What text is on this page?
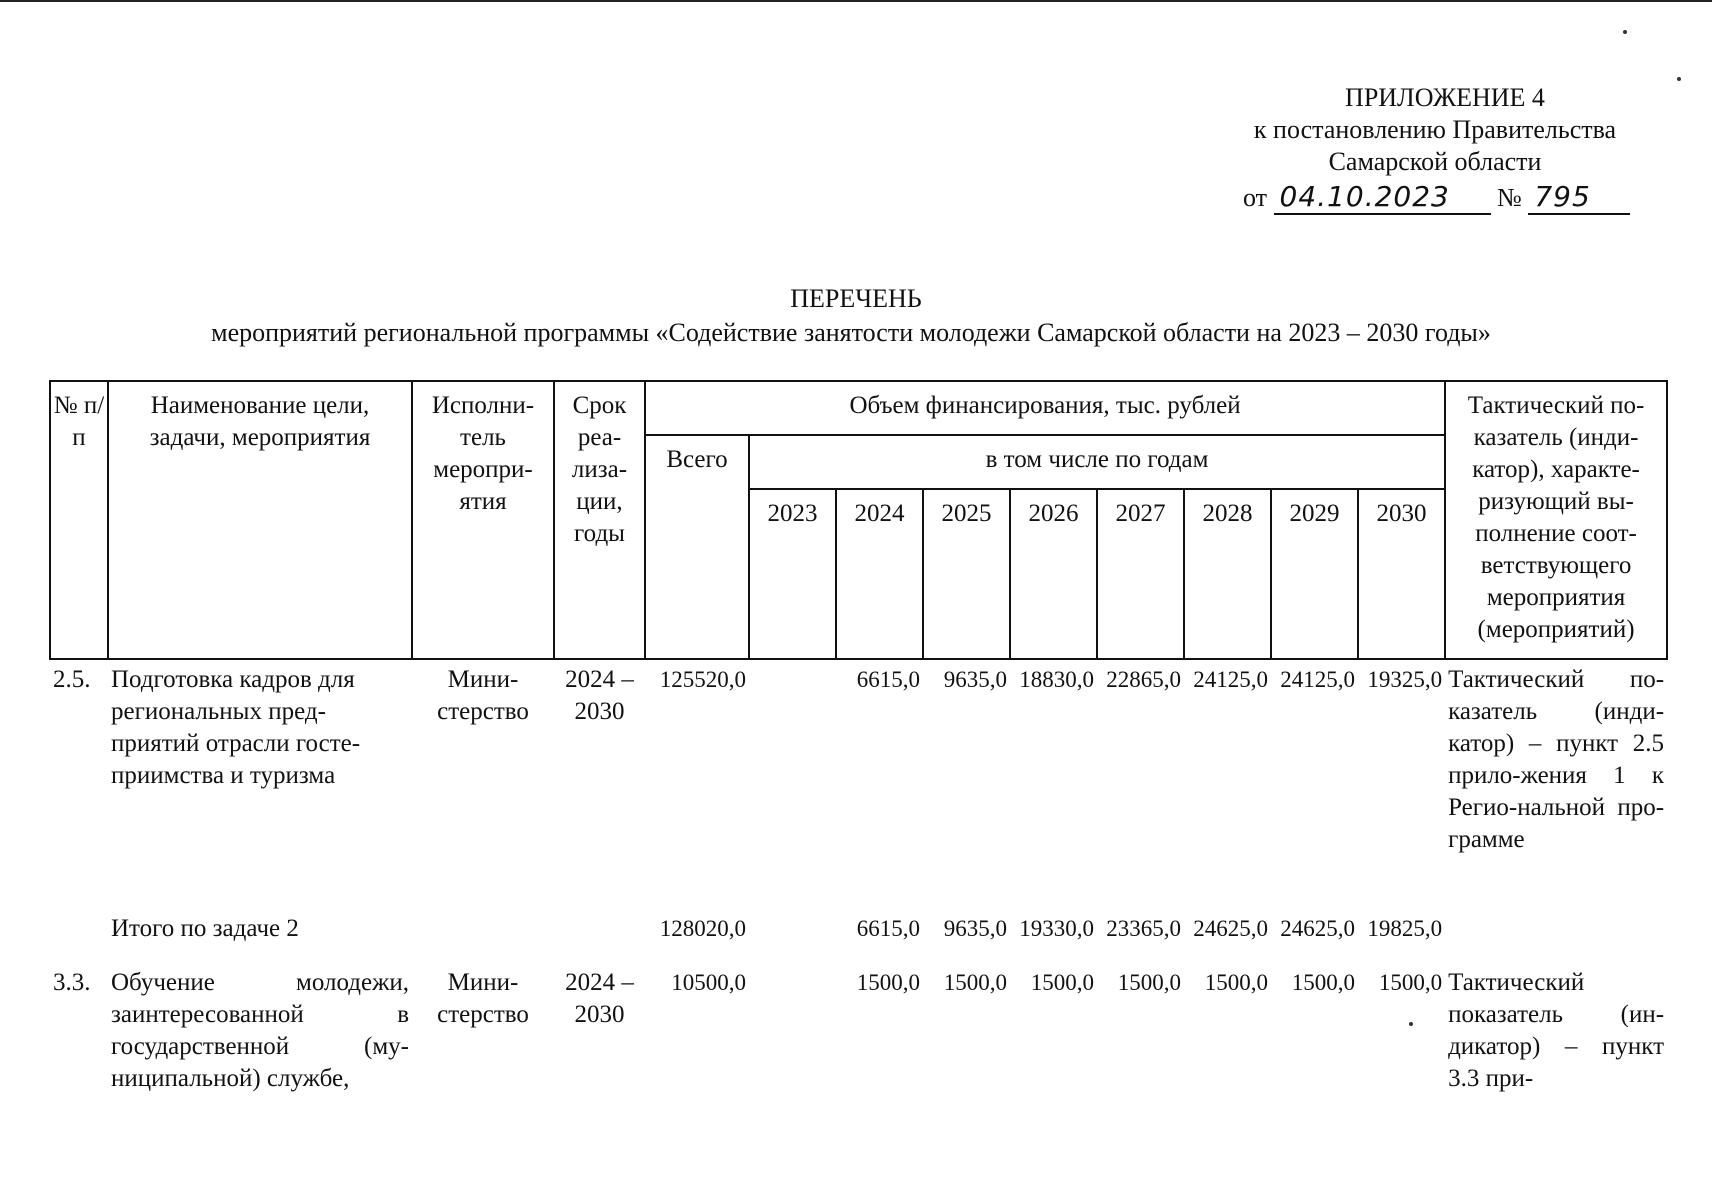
ПРИЛОЖЕНИЕ 4
к постановлению Правительства
Самарской области
от 04.10.2023 № 795
ПЕРЕЧЕНЬ
мероприятий региональной программы «Содействие занятости молодежи Самарской области на 2023 – 2030 годы»
№ п/п	Наименование цели, задачи, мероприятия	Исполни-тель меропри-ятия	Срок реа-лиза-ции, годы	Объем финансирования, тыс. рублей									Тактический по-казатель (инди-катор), характе-ризующий вы-полнение соот-ветствующего мероприятия (мероприятий)
				Всего	в том числе по годам								
					2023	2024	2025	2026	2027	2028	2029	2030	
2.5.	Подготовка кадров для региональных пред-приятий отрасли госте-приимства и туризма	Мини-стерство	2024 – 2030	125520,0		6615,0	9635,0	18830,0	22865,0	24125,0	24125,0	19325,0	Тактический по-казатель (инди-катор) – пункт 2.5 прило-жения 1 к Регио-нальной про-грамме
	Итого по задаче 2			128020,0		6615,0	9635,0	19330,0	23365,0	24625,0	24625,0	19825,0	
3.3.	Обучение молодежи, заинтересованной в государственной (му-ниципальной) службе,	Мини-стерство	2024 – 2030	10500,0		1500,0	1500,0	1500,0	1500,0	1500,0	1500,0	1500,0	Тактический показатель (ин-дикатор) – пункт 3.3 при-
